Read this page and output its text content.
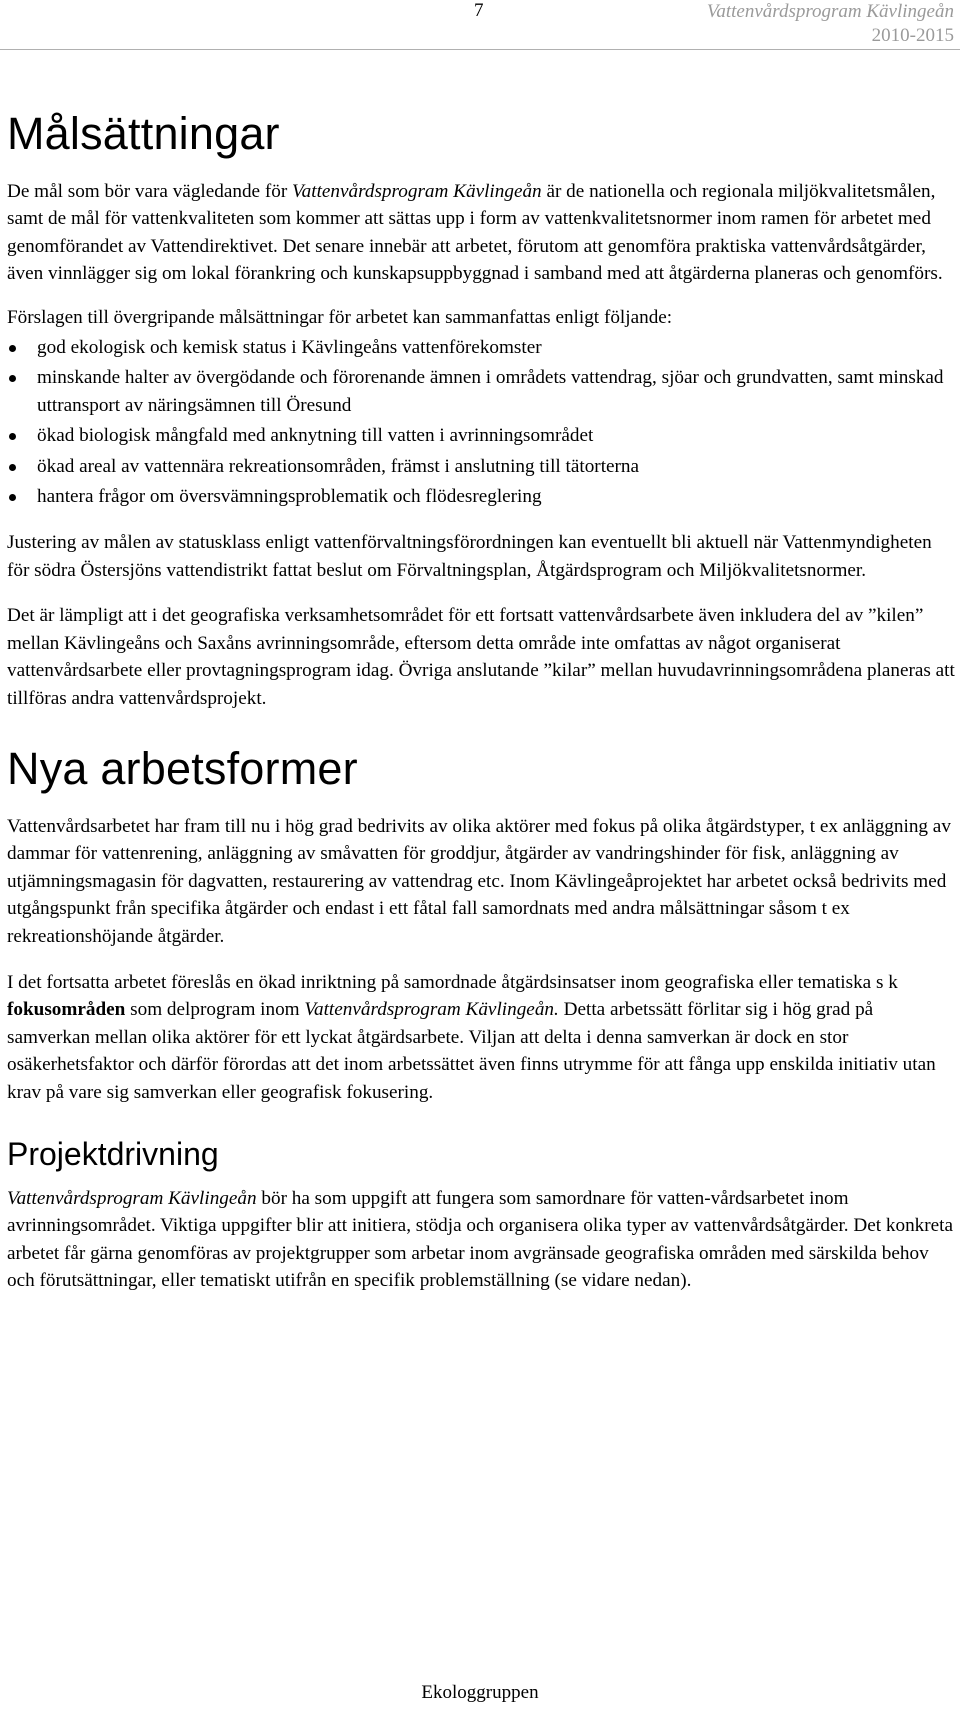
7	Vattenvårdsprogram Kävlingeån
2010-2015
Målsättningar

De mål som bör vara vägledande för Vattenvårdsprogram Kävlingeån är de nationella och regionala miljökvalitetsmålen, samt de mål för vattenkvaliteten som kommer att sättas upp i form av vattenkvalitetsnormer inom ramen för arbetet med genomförandet av Vattendirektivet. Det senare innebär att arbetet, förutom att genomföra praktiska vattenvårdsåtgärder, även vinnlägger sig om lokal förankring och kunskapsuppbyggnad i samband med att åtgärderna planeras och genomförs.

Förslagen till övergripande målsättningar för arbetet kan sammanfattas enligt följande:

god ekologisk och kemisk status i Kävlingeåns vattenförekomster
minskande halter av övergödande och förorenande ämnen i områdets vattendrag, sjöar och grundvatten, samt minskad uttransport av näringsämnen till Öresund
ökad biologisk mångfald med anknytning till vatten i avrinningsområdet
ökad areal av vattennära rekreationsområden, främst i anslutning till tätorterna
hantera frågor om översvämningsproblematik och flödesreglering

Justering av målen av statusklass enligt vattenförvaltningsförordningen kan eventuellt bli aktuell när Vattenmyndigheten för södra Östersjöns vattendistrikt fattat beslut om Förvaltningsplan, Åtgärdsprogram och Miljökvalitetsnormer.

Det är lämpligt att i det geografiska verksamhetsområdet för ett fortsatt vattenvårdsarbete även inkludera del av ”kilen” mellan Kävlingeåns och Saxåns avrinningsområde, eftersom detta område inte omfattas av något organiserat vattenvårdsarbete eller provtagningsprogram idag. Övriga anslutande ”kilar” mellan huvudavrinningsområdena planeras att tillföras andra vattenvårdsprojekt.

Nya arbetsformer

Vattenvårdsarbetet har fram till nu i hög grad bedrivits av olika aktörer med fokus på olika åtgärdstyper, t ex anläggning av dammar för vattenrening, anläggning av småvatten för groddjur, åtgärder av vandringshinder för fisk, anläggning av utjämningsmagasin för dagvatten, restaurering av vattendrag etc. Inom Kävlingeåprojektet har arbetet också bedrivits med utgångspunkt från specifika åtgärder och endast i ett fåtal fall samordnats med andra målsättningar såsom t ex rekreationshöjande åtgärder.

I det fortsatta arbetet föreslås en ökad inriktning på samordnade åtgärdsinsatser inom geografiska eller tematiska s k fokusområden som delprogram inom Vattenvårdsprogram Kävlingeån. Detta arbetssätt förlitar sig i hög grad på samverkan mellan olika aktörer för ett lyckat åtgärdsarbete. Viljan att delta i denna samverkan är dock en stor osäkerhetsfaktor och därför förordas att det inom arbetssättet även finns utrymme för att fånga upp enskilda initiativ utan krav på vare sig samverkan eller geografisk fokusering.

Projektdrivning

Vattenvårdsprogram Kävlingeån bör ha som uppgift att fungera som samordnare för vatten-vårdsarbetet inom avrinningsområdet. Viktiga uppgifter blir att initiera, stödja och organisera olika typer av vattenvårdsåtgärder. Det konkreta arbetet får gärna genomföras av projektgrupper som arbetar inom avgränsade geografiska områden med särskilda behov och förutsättningar, eller tematiskt utifrån en specifik problemställning (se vidare nedan).

Ekologgruppen
